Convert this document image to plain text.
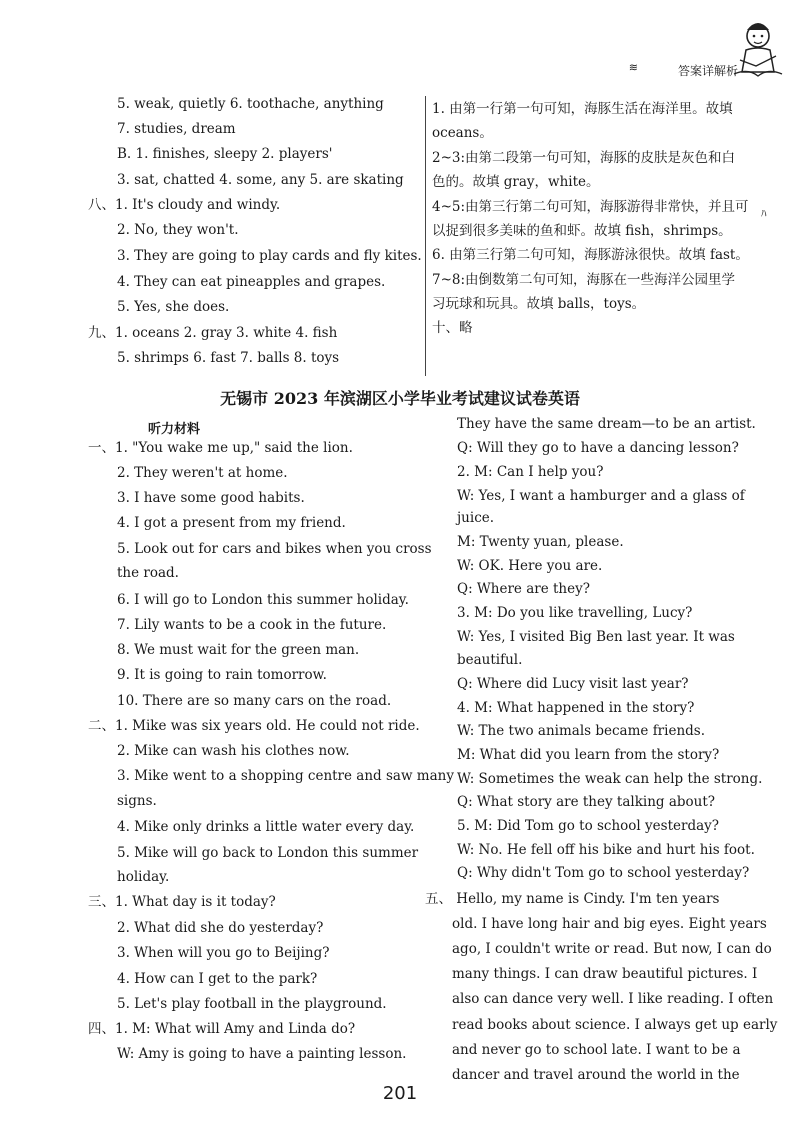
≋	答案详解析
5. weak, quietly 6. toothache, anything
7. studies, dream
B. 1. finishes, sleepy 2. players'
3. sat, chatted 4. some, any 5. are skating
八、1. It's cloudy and windy.
2. No, they won't.
3. They are going to play cards and fly kites.
4. They can eat pineapples and grapes.
5. Yes, she does.
九、1. oceans 2. gray 3. white 4. fish
5. shrimps 6. fast 7. balls 8. toys
1. 由第一行第一句可知，海豚生活在海洋里。故填
oceans。
2~3:由第二段第一句可知，海豚的皮肤是灰色和白
色的。故填 gray，white。
4~5:由第三行第二句可知，海豚游得非常快，并且可
以捉到很多美味的鱼和虾。故填 fish，shrimps。
6. 由第三行第二句可知，海豚游泳很快。故填 fast。
7~8:由倒数第二句可知，海豚在一些海洋公园里学
习玩球和玩具。故填 balls，toys。
十、略
ﾊ
无锡市 2023 年滨湖区小学毕业考试建议试卷英语
听力材料
一、1. "You wake me up," said the lion.
2. They weren't at home.
3. I have some good habits.
4. I got a present from my friend.
5. Look out for cars and bikes when you cross
the road.
6. I will go to London this summer holiday.
7. Lily wants to be a cook in the future.
8. We must wait for the green man.
9. It is going to rain tomorrow.
10. There are so many cars on the road.
二、1. Mike was six years old. He could not ride.
2. Mike can wash his clothes now.
3. Mike went to a shopping centre and saw many
signs.
4. Mike only drinks a little water every day.
5. Mike will go back to London this summer
holiday.
三、1. What day is it today?
2. What did she do yesterday?
3. When will you go to Beijing?
4. How can I get to the park?
5. Let's play football in the playground.
四、1. M: What will Amy and Linda do?
W: Amy is going to have a painting lesson.
They have the same dream—to be an artist.
Q: Will they go to have a dancing lesson?
2. M: Can I help you?
W: Yes, I want a hamburger and a glass of
juice.
M: Twenty yuan, please.
W: OK. Here you are.
Q: Where are they?
3. M: Do you like travelling, Lucy?
W: Yes, I visited Big Ben last year. It was
beautiful.
Q: Where did Lucy visit last year?
4. M: What happened in the story?
W: The two animals became friends.
M: What did you learn from the story?
W: Sometimes the weak can help the strong.
Q: What story are they talking about?
5. M: Did Tom go to school yesterday?
W: No. He fell off his bike and hurt his foot.
Q: Why didn't Tom go to school yesterday?
五、 Hello, my name is Cindy. I'm ten years
old. I have long hair and big eyes. Eight years
ago, I couldn't write or read. But now, I can do
many things. I can draw beautiful pictures. I
also can dance very well. I like reading. I often
read books about science. I always get up early
and never go to school late. I want to be a
dancer and travel around the world in the
201
